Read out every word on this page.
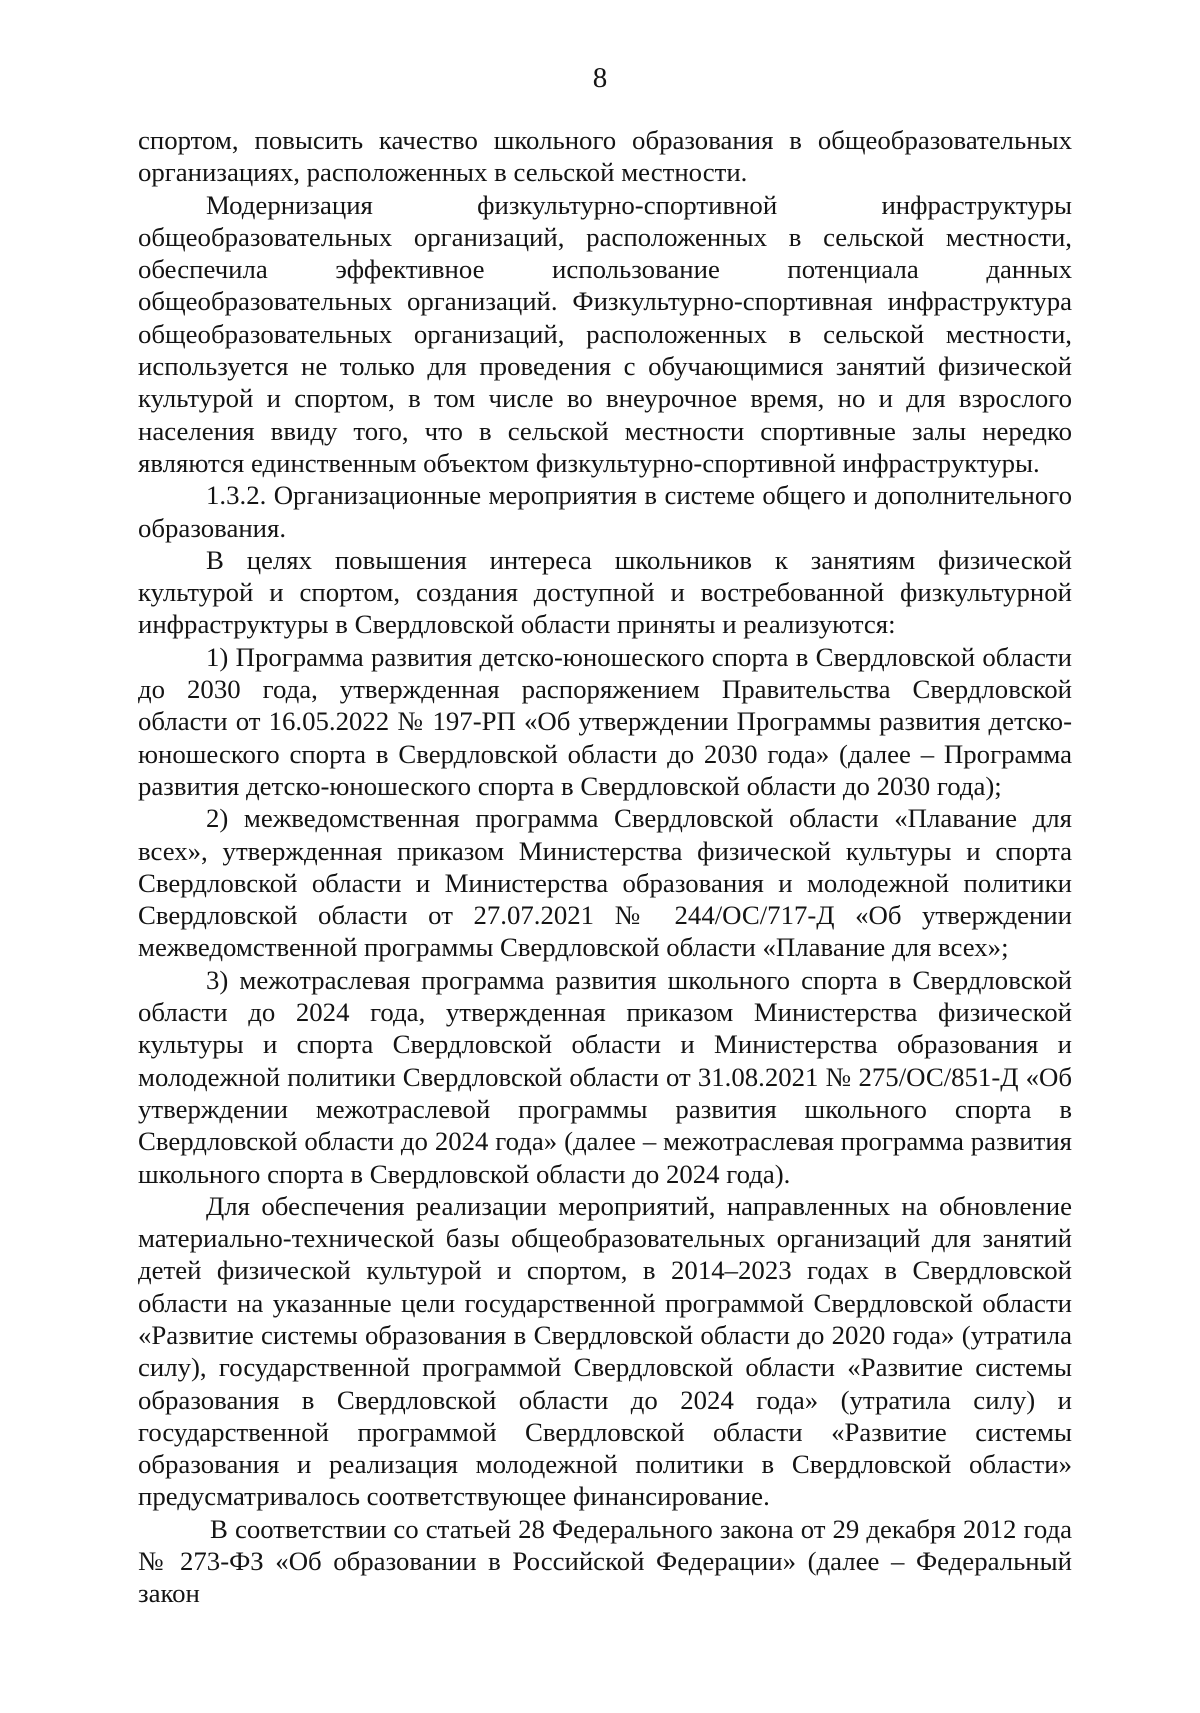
8

спортом, повысить качество школьного образования в общеобразовательных организациях, расположенных в сельской местности.

Модернизация физкультурно-спортивной инфраструктуры общеобразовательных организаций, расположенных в сельской местности, обеспечила эффективное использование потенциала данных общеобразовательных организаций. Физкультурно-спортивная инфраструктура общеобразовательных организаций, расположенных в сельской местности, используется не только для проведения с обучающимися занятий физической культурой и спортом, в том числе во внеурочное время, но и для взрослого населения ввиду того, что в сельской местности спортивные залы нередко являются единственным объектом физкультурно-спортивной инфраструктуры.

1.3.2. Организационные мероприятия в системе общего и дополнительного образования.

В целях повышения интереса школьников к занятиям физической культурой и спортом, создания доступной и востребованной физкультурной инфраструктуры в Свердловской области приняты и реализуются:

1) Программа развития детско-юношеского спорта в Свердловской области до 2030 года, утвержденная распоряжением Правительства Свердловской области от 16.05.2022 № 197-РП «Об утверждении Программы развития детско-юношеского спорта в Свердловской области до 2030 года» (далее – Программа развития детско-юношеского спорта в Свердловской области до 2030 года);

2) межведомственная программа Свердловской области «Плавание для всех», утвержденная приказом Министерства физической культуры и спорта Свердловской области и Министерства образования и молодежной политики Свердловской области от 27.07.2021 № 244/ОС/717-Д «Об утверждении межведомственной программы Свердловской области «Плавание для всех»;

3) межотраслевая программа развития школьного спорта в Свердловской области до 2024 года, утвержденная приказом Министерства физической культуры и спорта Свердловской области и Министерства образования и молодежной политики Свердловской области от 31.08.2021 № 275/ОС/851-Д «Об утверждении межотраслевой программы развития школьного спорта в Свердловской области до 2024 года» (далее – межотраслевая программа развития школьного спорта в Свердловской области до 2024 года).

Для обеспечения реализации мероприятий, направленных на обновление материально-технической базы общеобразовательных организаций для занятий детей физической культурой и спортом, в 2014–2023 годах в Свердловской области на указанные цели государственной программой Свердловской области «Развитие системы образования в Свердловской области до 2020 года» (утратила силу), государственной программой Свердловской области «Развитие системы образования в Свердловской области до 2024 года» (утратила силу) и государственной программой Свердловской области «Развитие системы образования и реализация молодежной политики в Свердловской области» предусматривалось соответствующее финансирование.

В соответствии со статьей 28 Федерального закона от 29 декабря 2012 года № 273-ФЗ «Об образовании в Российской Федерации» (далее – Федеральный закон
